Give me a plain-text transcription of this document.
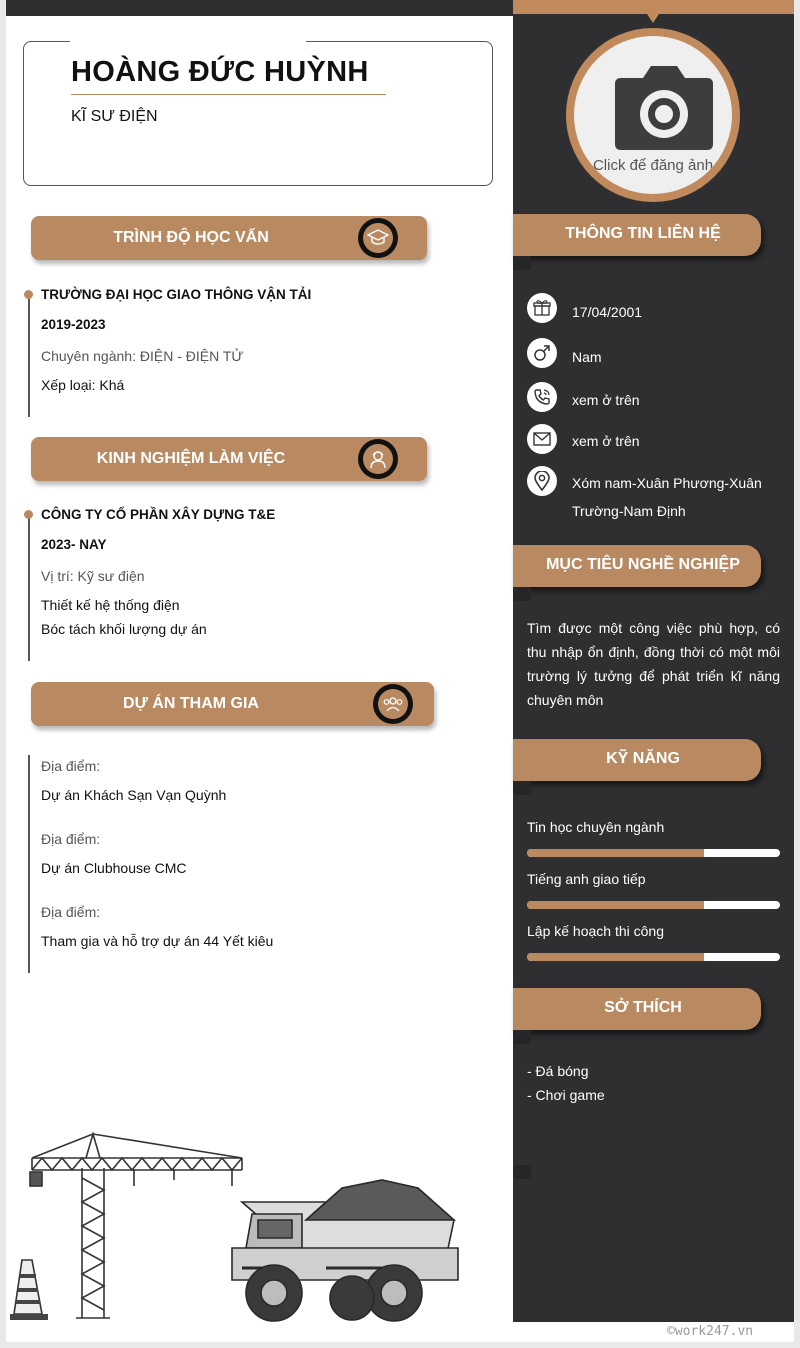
HOÀNG ĐỨC HUỲNH
KĨ SƯ ĐIỆN
Click để đăng ảnh
TRÌNH ĐỘ HỌC VẤN
TRƯỜNG ĐẠI HỌC GIAO THÔNG VẬN TẢI
2019-2023
Chuyên ngành: ĐIỆN - ĐIỆN TỬ
Xếp loại: Khá
KINH NGHIỆM LÀM VIỆC
CÔNG TY CỔ PHẦN XÂY DỰNG T&E
2023- NAY
Vị trí: Kỹ sư điện
Thiết kế hệ thống điện
Bóc tách khối lượng dự án
DỰ ÁN THAM GIA
Địa điểm:
Dự án Khách Sạn Vạn Quỳnh
Địa điểm:
Dự án Clubhouse CMC
Địa điểm:
Tham gia và hỗ trợ dự án 44 Yết kiêu
THÔNG TIN LIÊN HỆ
17/04/2001
Nam
xem ở trên
xem ở trên
Xóm nam-Xuân Phương-Xuân
Trường-Nam Định
MỤC TIÊU NGHỀ NGHIỆP
Tìm được một công việc phù hợp, có thu nhập ổn định, đồng thời có một môi trường lý tưởng để phát triển kĩ năng chuyên môn
KỸ NĂNG
Tin học chuyên ngành
Tiếng anh giao tiếp
Lập kế hoạch thi công
SỞ THÍCH
- Đá bóng
- Chơi game
©work247.vn
